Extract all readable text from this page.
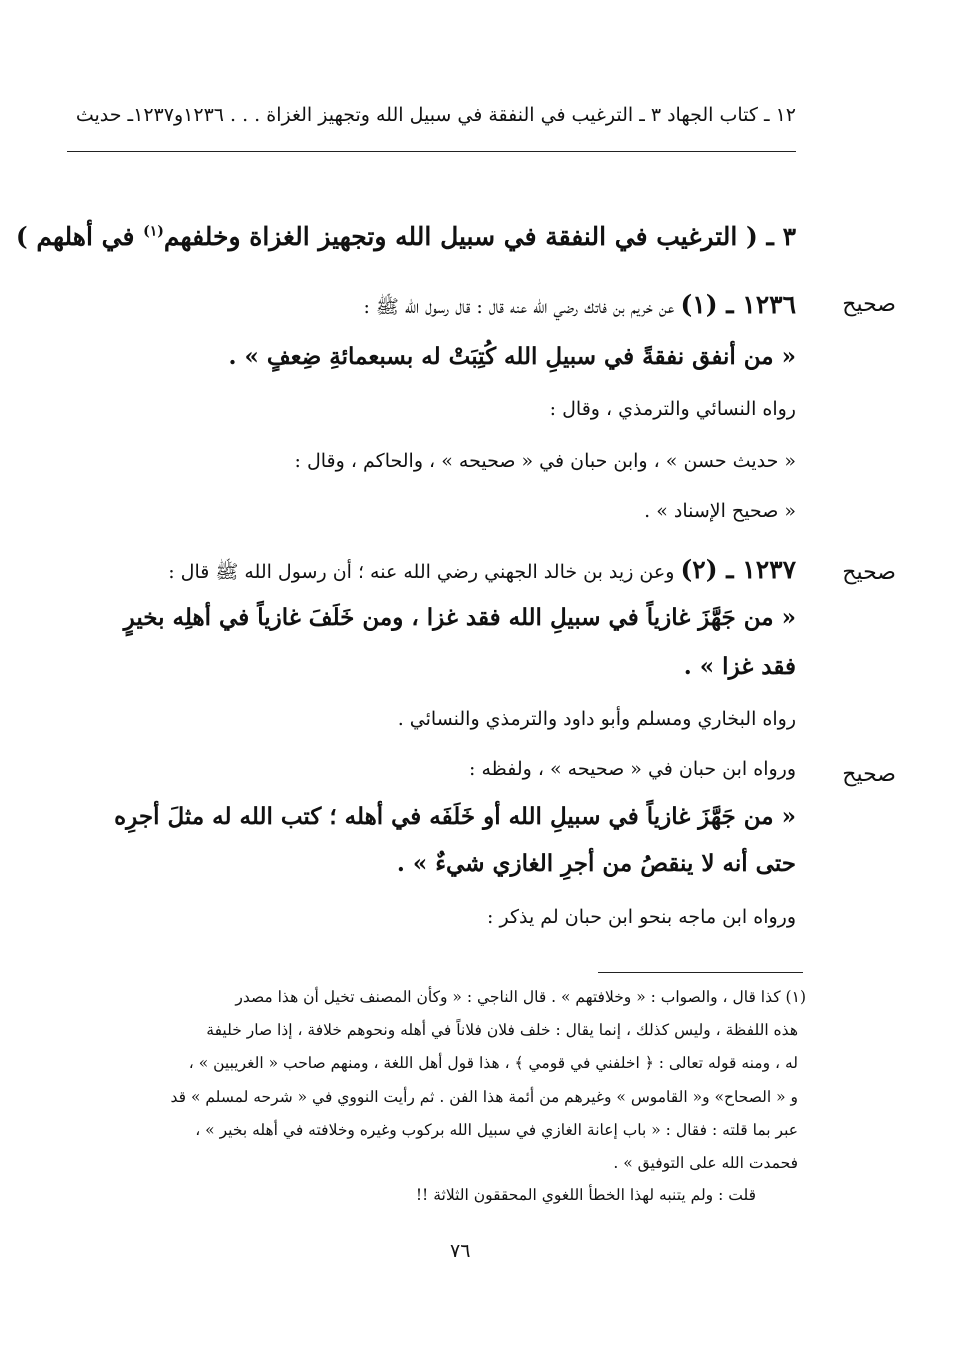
١٢ ـ كتاب الجهاد ٣ ـ الترغيب في النفقة في سبيل الله وتجهيز الغزاة . . . ١٢٣٦و١٢٣٧ـ حديث
٣ ـ ( الترغيب في النفقة في سبيل الله وتجهيز الغزاة وخلفهم$^{(١)}$ في أهلهم )
صحيح
١٢٣٦ ـ (١) عن خريم بن فاتك رضي الله عنه قال : قال رسول الله ﷺ :
« من أنفق نفقةً في سبيلِ الله كُتِبَتْ له بسبعمائةِ ضِعفٍ » .
رواه النسائي والترمذي ، وقال :
« حديث حسن » ، وابن حبان في « صحيحه » ، والحاكم ، وقال :
« صحيح الإسناد » .
صحيح
١٢٣٧ ـ (٢) وعن زيد بن خالد الجهني رضي الله عنه ؛ أن رسول الله ﷺ قال :
« من جَهَّزَ غازياً في سبيلِ الله فقد غزا ، ومن خَلَفَ غازياً في أهلِه بخيرٍ
فقد غزا » .
رواه البخاري ومسلم وأبو داود والترمذي والنسائي .
صحيح
ورواه ابن حبان في « صحيحه » ، ولفظه :
« من جَهَّزَ غازياً في سبيلِ الله أو خَلَفَه في أهله ؛ كتب الله له مثلَ أجرِه
حتى أنه لا ينقصُ من أجرِ الغازي شيءٌ » .
ورواه ابن ماجه بنحو ابن حبان لم يذكر :
(١) كذا قال ، والصواب : « وخلافتهم » . قال الناجي : « وكأن المصنف تخيل أن هذا مصدر
هذه اللفظة ، وليس كذلك ، إنما يقال : خلف فلان فلاناً في أهله ونحوهم خلافة ، إذا صار خليفة
له ، ومنه قوله تعالى : ﴿ اخلفني في قومي ﴾ ، هذا قول أهل اللغة ، ومنهم صاحب « الغريبين » ،
و « الصحاح» و« القاموس » وغيرهم من أئمة هذا الفن . ثم رأيت النووي في « شرحه لمسلم » قد
عبر بما قلته : فقال : « باب إعانة الغازي في سبيل الله بركوب وغيره وخلافته في أهله بخير » ،
فحمدت الله على التوفيق » .
قلت : ولم يتنبه لهذا الخطأ اللغوي المحققون الثلاثة !!
٧٦
